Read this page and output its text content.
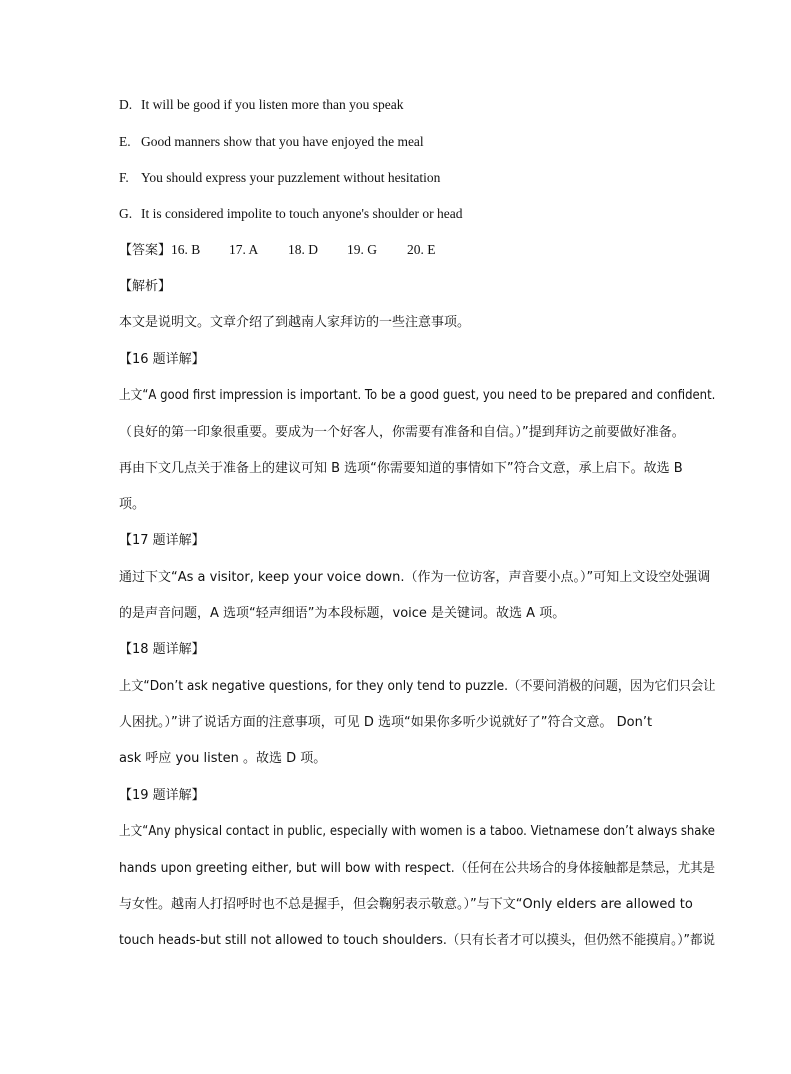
D. It will be good if you listen more than you speak
E. Good manners show that you have enjoyed the meal
F. You should express your puzzlement without hesitation
G. It is considered impolite to touch anyone's shoulder or head
【答案】16. B 17. A 18. D 19. G 20. E
【解析】
本文是说明文。文章介绍了到越南人家拜访的一些注意事项。
【16 题详解】
上文“A good first impression is important. To be a good guest, you need to be prepared and confident.
（良好的第一印象很重要。要成为一个好客人，你需要有准备和自信。）”提到拜访之前要做好准备。
再由下文几点关于准备上的建议可知 B 选项“你需要知道的事情如下”符合文意，承上启下。故选 B
项。
【17 题详解】
通过下文“As a visitor, keep your voice down.（作为一位访客，声音要小点。）”可知上文设空处强调
的是声音问题，A 选项“轻声细语”为本段标题，voice 是关键词。故选 A 项。
【18 题详解】
上文“Don’t ask negative questions, for they only tend to puzzle.（不要问消极的问题，因为它们只会让
人困扰。）”讲了说话方面的注意事项，可见 D 选项“如果你多听少说就好了”符合文意。 Don’t
ask 呼应 you listen 。故选 D 项。
【19 题详解】
上文“Any physical contact in public, especially with women is a taboo. Vietnamese don’t always shake
hands upon greeting either, but will bow with respect.（任何在公共场合的身体接触都是禁忌，尤其是
与女性。越南人打招呼时也不总是握手，但会鞠躬表示敬意。）”与下文“Only elders are allowed to
touch heads-but still not allowed to touch shoulders.（只有长者才可以摸头，但仍然不能摸肩。）”都说
